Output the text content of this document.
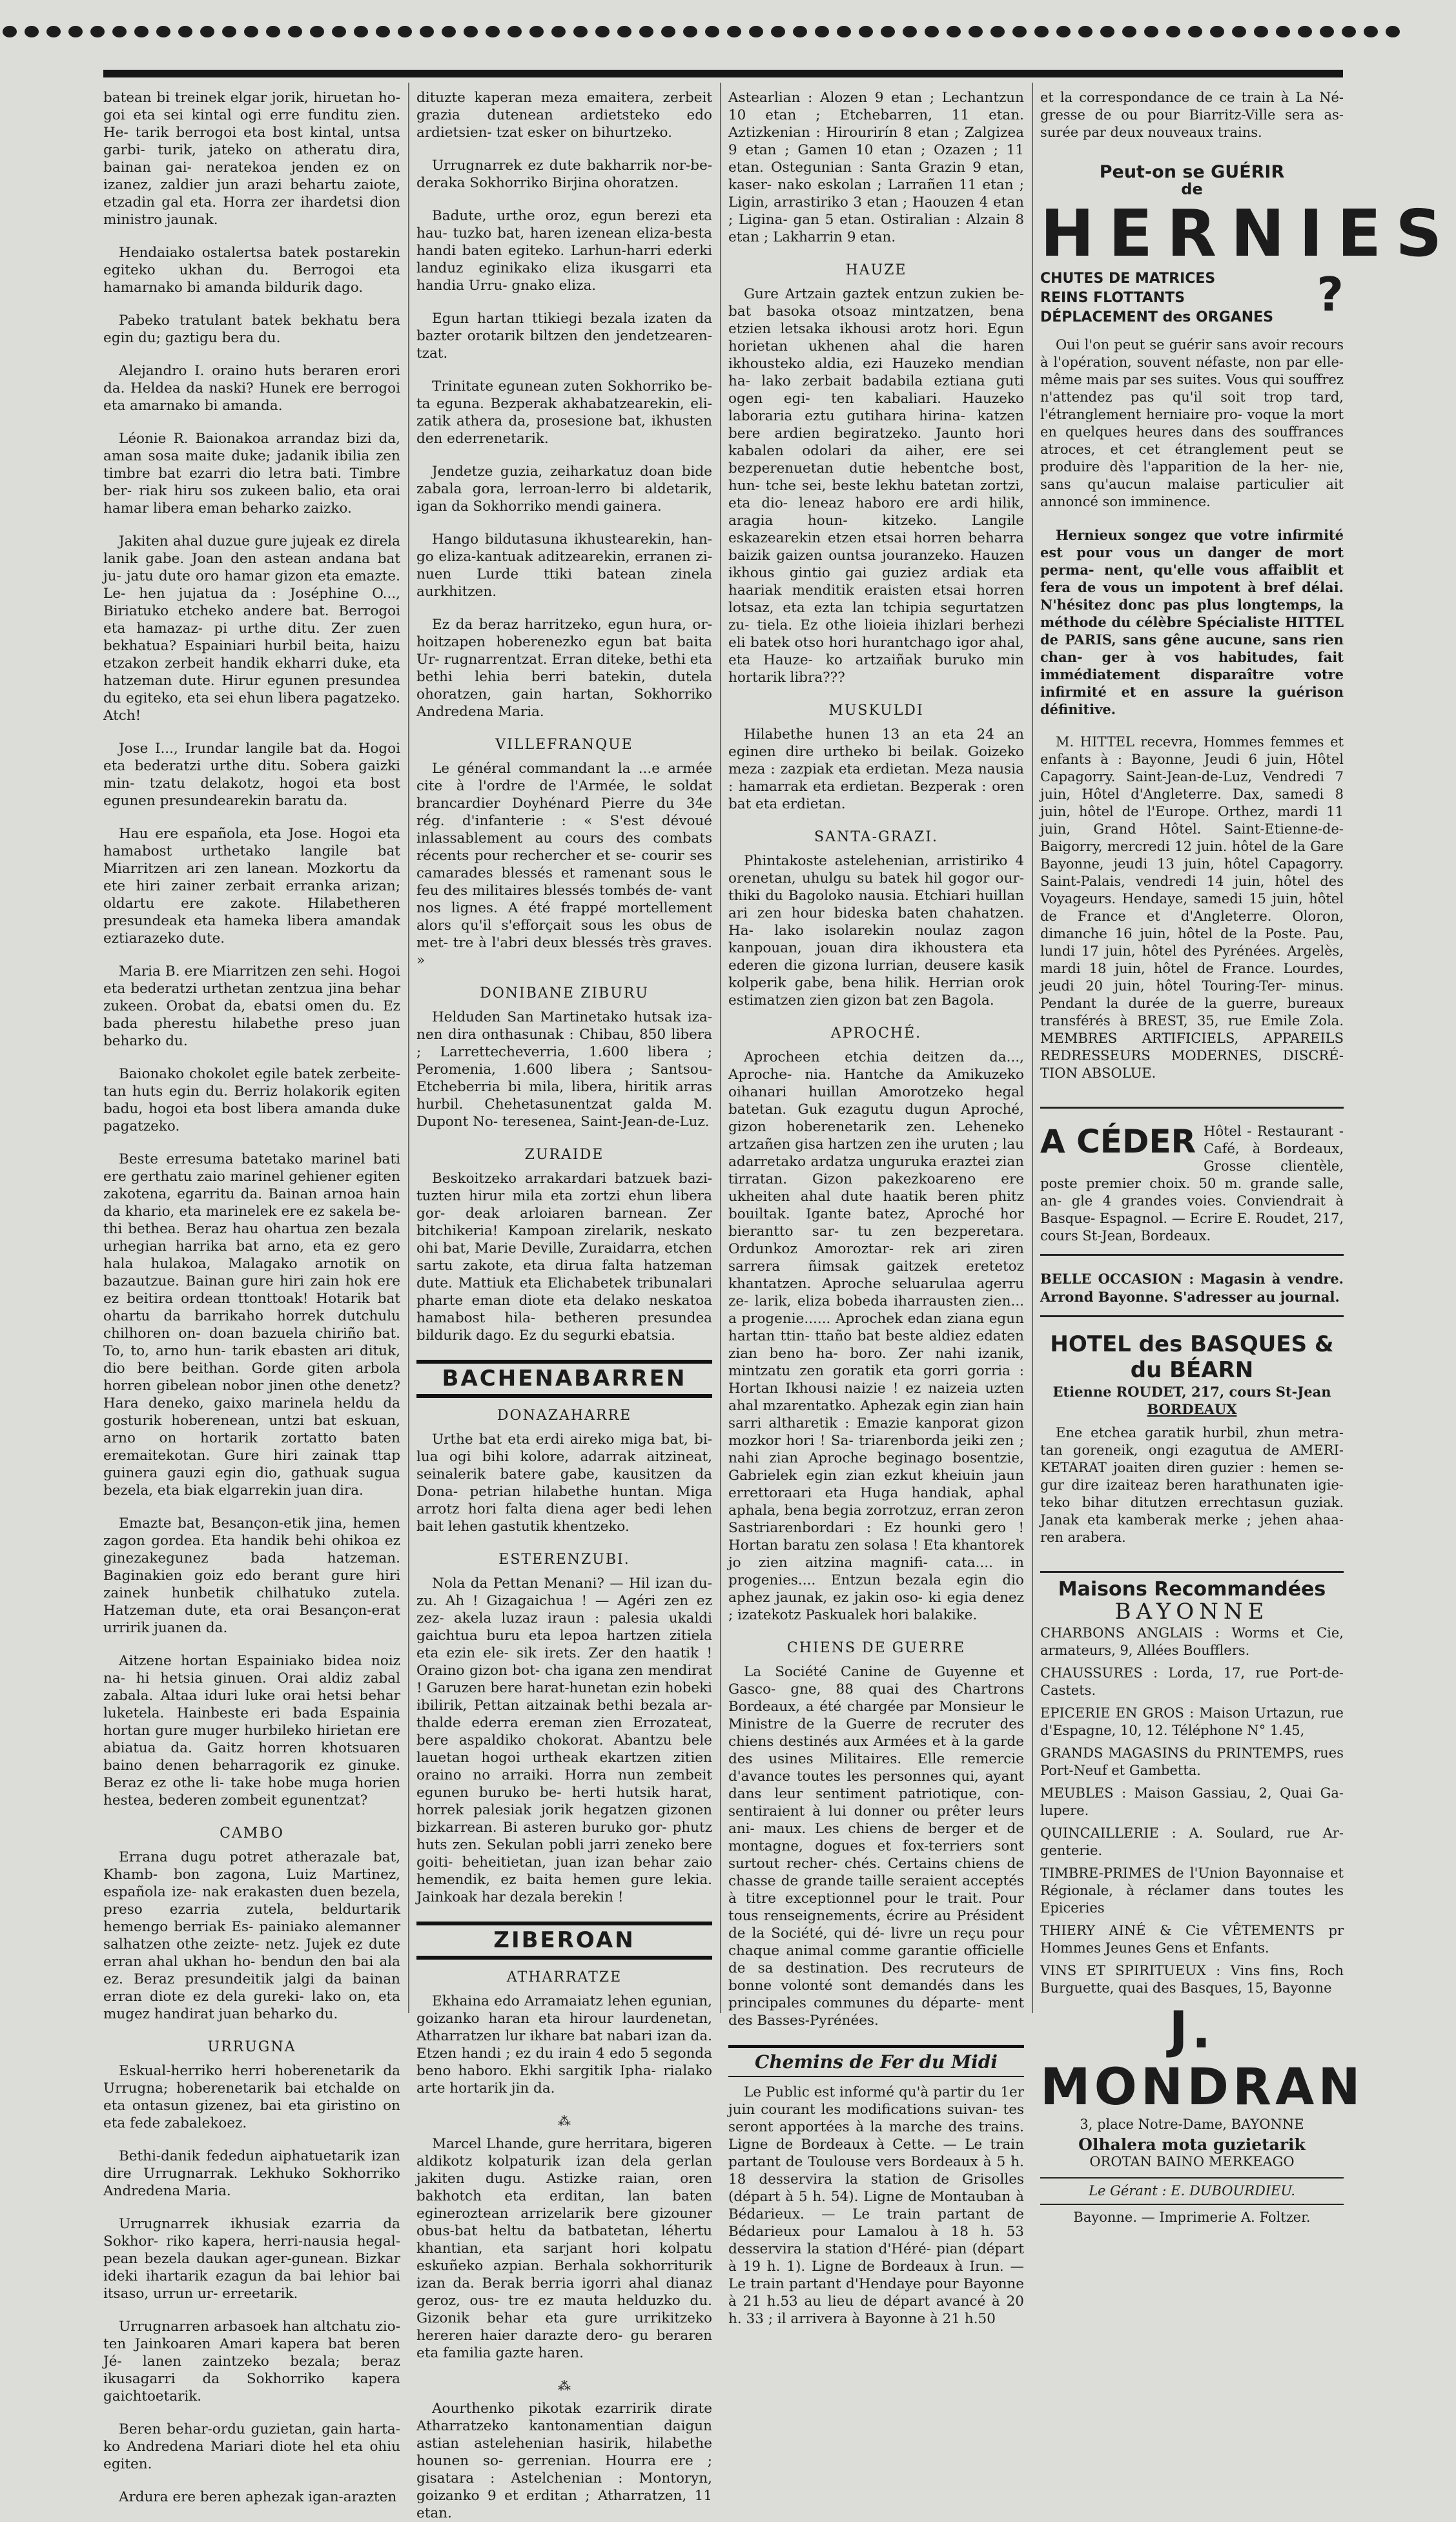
batean bi treinek elgar jorik, hiruetan ho- goi eta sei kintal ogi erre funditu zien. He- tarik berrogoi eta bost kintal, untsa garbi- turik, jateko on atheratu dira, bainan gai- neratekoa jenden ez on izanez, zaldier jun arazi behartu zaiote, etzadin gal eta. Horra zer ihardetsi dion ministro jaunak.

Hendaiako ostalertsa batek postarekin egiteko ukhan du. Berrogoi eta hamarnako bi amanda bildurik dago.

Pabeko tratulant batek bekhatu bera egin du; gaztigu bera du.

Alejandro I. oraino huts beraren erori da. Heldea da naski? Hunek ere berrogoi eta amarnako bi amanda.

Léonie R. Baionakoa arrandaz bizi da, aman sosa maite duke; jadanik ibilia zen timbre bat ezarri dio letra bati. Timbre ber- riak hiru sos zukeen balio, eta orai hamar libera eman beharko zaizko.

Jakiten ahal duzue gure jujeak ez direla lanik gabe. Joan den astean andana bat ju- jatu dute oro hamar gizon eta emazte. Le- hen jujatua da : Joséphine O..., Biriatuko etcheko andere bat. Berrogoi eta hamazaz- pi urthe ditu. Zer zuen bekhatua? Espainiari hurbil beita, haizu etzakon zerbeit handik ekharri duke, eta hatzeman dute. Hirur egunen presundea du egiteko, eta sei ehun libera pagatzeko. Atch!

Jose I..., Irundar langile bat da. Hogoi eta bederatzi urthe ditu. Sobera gaizki min- tzatu delakotz, hogoi eta bost egunen presundearekin baratu da.

Hau ere española, eta Jose. Hogoi eta hamabost urthetako langile bat Miarritzen ari zen lanean. Mozkortu da ete hiri zainer zerbait erranka arizan; oldartu ere zakote. Hilabetheren presundeak eta hameka libera amandak eztiarazeko dute.

Maria B. ere Miarritzen zen sehi. Hogoi eta bederatzi urthetan zentzua jina behar zukeen. Orobat da, ebatsi omen du. Ez bada pherestu hilabethe preso juan beharko du.

Baionako chokolet egile batek zerbeite- tan huts egin du. Berriz holakorik egiten badu, hogoi eta bost libera amanda duke pagatzeko.

Beste erresuma batetako marinel bati ere gerthatu zaio marinel gehiener egiten zakotena, egarritu da. Bainan arnoa hain da khario, eta marinelek ere ez sakela be- thi bethea. Beraz hau ohartua zen bezala urhegian harrika bat arno, eta ez gero hala hulakoa, Malagako arnotik on bazautzue. Bainan gure hiri zain hok ere ez beitira ordean ttonttoak! Hotarik bat ohartu da barrikaho horrek dutchulu chilhoren on- doan bazuela chiriño bat. To, to, arno hun- tarik ebasten ari dituk, dio bere beithan. Gorde giten arbola horren gibelean nobor jinen othe denetz? Hara deneko, gaixo marinela heldu da gosturik hoberenean, untzi bat eskuan, arno on hortarik zortatto baten eremaitekotan. Gure hiri zainak ttap guinera gauzi egin dio, gathuak sugua bezela, eta biak elgarrekin juan dira.

Emazte bat, Besançon-etik jina, hemen zagon gordea. Eta handik behi ohikoa ez ginezakegunez bada hatzeman. Baginakien goiz edo berant gure hiri zainek hunbetik chilhatuko zutela. Hatzeman dute, eta orai Besançon-erat urririk juanen da.

Aitzene hortan Espainiako bidea noiz na- hi hetsia ginuen. Orai aldiz zabal zabala. Altaa iduri luke orai hetsi behar luketela. Hainbeste eri bada Espainia hortan gure muger hurbileko hirietan ere abiatua da. Gaitz horren khotsuaren baino denen beharragorik ez ginuke. Beraz ez othe li- take hobe muga horien hestea, bederen zombeit egunentzat?

CAMBO

Errana dugu potret atherazale bat, Khamb- bon zagona, Luiz Martinez, española ize- nak erakasten duen bezela, preso ezarria zutela, beldurtarik hemengo berriak Es- painiako alemanner salhatzen othe zeizte- netz. Jujek ez dute erran ahal ukhan ho- bendun den bai ala ez. Beraz presundeitik jalgi da bainan erran diote ez dela gureki- lako on, eta mugez handirat juan beharko du.

URRUGNA

Eskual-herriko herri hoberenetarik da Urrugna; hoberenetarik bai etchalde on eta ontasun gizenez, bai eta giristino on eta fede zabalekoez.

Bethi-danik fededun aiphatuetarik izan dire Urrugnarrak. Lekhuko Sokhorriko Andredena Maria.

Urrugnarrek ikhusiak ezarria da Sokhor- riko kapera, herri-nausia hegal-pean bezela daukan ager-gunean. Bizkar ideki ihartarik ezagun da bai lehior bai itsaso, urrun ur- erreetarik.

Urrugnarren arbasoek han altchatu zio- ten Jainkoaren Amari kapera bat beren Jé- lanen zaintzeko bezala; beraz ikusagarri da Sokhorriko kapera gaichtoetarik.

Beren behar-ordu guzietan, gain harta- ko Andredena Mariari diote hel eta ohiu egiten.

Ardura ere beren aphezak igan-arazten

dituzte kaperan meza emaitera, zerbeit grazia dutenean ardietsteko edo ardietsien- tzat esker on bihurtzeko.

Urrugnarrek ez dute bakharrik nor-be- deraka Sokhorriko Birjina ohoratzen.

Badute, urthe oroz, egun berezi eta hau- tuzko bat, haren izenean eliza-besta handi baten egiteko. Larhun-harri ederki landuz eginikako eliza ikusgarri eta handia Urru- gnako eliza.

Egun hartan ttikiegi bezala izaten da bazter orotarik biltzen den jendetzearen- tzat.

Trinitate egunean zuten Sokhorriko be- ta eguna. Bezperak akhabatzearekin, eli- zatik athera da, prosesione bat, ikhusten den ederrenetarik.

Jendetze guzia, zeiharkatuz doan bide zabala gora, lerroan-lerro bi aldetarik, igan da Sokhorriko mendi gainera.

Hango bildutasuna ikhustearekin, han- go eliza-kantuak aditzearekin, erranen zi- nuen Lurde ttiki batean zinela aurkhitzen.

Ez da beraz harritzeko, egun hura, or- hoitzapen hoberenezko egun bat baita Ur- rugnarrentzat. Erran diteke, bethi eta bethi lehia berri batekin, dutela ohoratzen, gain hartan, Sokhorriko Andredena Maria.

VILLEFRANQUE

Le général commandant la ...e armée cite à l'ordre de l'Armée, le soldat brancardier Doyhénard Pierre du 34e rég. d'infanterie : « S'est dévoué inlassablement au cours des combats récents pour rechercher et se- courir ses camarades blessés et ramenant sous le feu des militaires blessés tombés de- vant nos lignes. A été frappé mortellement alors qu'il s'efforçait sous les obus de met- tre à l'abri deux blessés très graves. »

DONIBANE ZIBURU

Helduden San Martinetako hutsak iza- nen dira onthasunak : Chibau, 850 libera ; Larrettecheverria, 1.600 libera ; Peromenia, 1.600 libera ; Santsou-Etcheberria bi mila, libera, hiritik arras hurbil. Chehetasunentzat galda M. Dupont No- teresenea, Saint-Jean-de-Luz.

ZURAIDE

Beskoitzeko arrakardari batzuek bazi- tuzten hirur mila eta zortzi ehun libera gor- deak arloiaren barnean. Zer bitchikeria! Kampoan zirelarik, neskato ohi bat, Marie Deville, Zuraidarra, etchen sartu zakote, eta dirua falta hatzeman dute. Mattiuk eta Elichabetek tribunalari pharte eman diote eta delako neskatoa hamabost hila- betheren presundea bildurik dago. Ez du segurki ebatsia.

BACHENABARREN
DONAZAHARRE

Urthe bat eta erdi aireko miga bat, bi- lua ogi bihi kolore, adarrak aitzineat, seinalerik batere gabe, kausitzen da Dona- petrian hilabethe huntan. Miga arrotz hori falta diena ager bedi lehen bait lehen gastutik khentzeko.

ESTERENZUBI.

Nola da Pettan Menani? — Hil izan du- zu. Ah ! Gizagaichua ! — Agéri zen ez zez- akela luzaz iraun : palesia ukaldi gaichtua buru eta lepoa hartzen zitiela eta ezin ele- sik irets. Zer den haatik ! Oraino gizon bot- cha igana zen mendirat ! Garuzen bere harat-hunetan ezin hobeki ibilirik, Pettan aitzainak bethi bezala ar- thalde ederra ereman zien Errozateat, bere aspaldiko chokorat. Abantzu bele lauetan hogoi urtheak ekartzen zitien oraino no arraiki. Horra nun zembeit egunen buruko be- herti hutsik harat, horrek palesiak jorik hegatzen gizonen bizkarrean. Bi asteren buruko gor- phutz huts zen. Sekulan pobli jarri zeneko bere goiti- beheitietan, juan izan behar zaio hemendik, ez baita hemen gure lekia. Jainkoak har dezala berekin !

ZIBEROAN
ATHARRATZE

Ekhaina edo Arramaiatz lehen egunian, goizanko haran eta hirour laurdenetan, Atharratzen lur ikhare bat nabari izan da. Etzen handi ; ez du irain 4 edo 5 segonda beno haboro. Ekhi sargitik Ipha- rialako arte hortarik jin da.

⁂

Marcel Lhande, gure herritara, bigeren aldikotz kolpaturik izan dela gerlan jakiten dugu. Astizke raian, oren bakhotch eta erditan, lan baten egineroztean arrizelarik bere gizouner obus-bat heltu da batbatetan, léhertu khantian, eta sarjant hori kolpatu eskuñeko azpian. Berhala sokhorriturik izan da. Berak berria igorri ahal dianaz geroz, ous- tre ez mauta helduzko du. Gizonik behar eta gure urrikitzeko hereren haier darazte dero- gu beraren eta familia gazte haren.

⁂

Aourthenko pikotak ezarririk dirate Atharratzeko kantonamentian daigun astian astelehenian hasirik, hilabethe hounen so- gerrenian. Hourra ere ; gisatara : Astelchenian : Montoryn, goizanko 9 et erditan ; Atharratzen, 11 etan.

Astearlian : Alozen 9 etan ; Lechantzun 10 etan ; Etchebarren, 11 etan. Aztizkenian : Hirourirín 8 etan ; Zalgizea 9 etan ; Gamen 10 etan ; Ozazen ; 11 etan. Ostegunian : Santa Grazin 9 etan, kaser- nako eskolan ; Larrañen 11 etan ; Ligin, arrastiriko 3 etan ; Haouzen 4 etan ; Ligina- gan 5 etan. Ostiralian : Alzain 8 etan ; Lakharrin 9 etan.

HAUZE

Gure Artzain gaztek entzun zukien be- bat basoka otsoaz mintzatzen, bena etzien letsaka ikhousi arotz hori. Egun horietan ukhenen ahal die haren ikhousteko aldia, ezi Hauzeko mendian ha- lako zerbait badabila eztiana guti ogen egi- ten kabaliari. Hauzeko laboraria eztu gutihara hirina- katzen bere ardien begiratzeko. Jaunto hori kabalen odolari da aiher, ere sei bezperenuetan dutie hebentche bost, hun- tche sei, beste lekhu batetan zortzi, eta dio- leneaz haboro ere ardi hilik, aragia houn- kitzeko. Langile eskazearekin etzen etsai horren beharra baizik gaizen ountsa jouranzeko. Hauzen ikhous gintio gai guziez ardiak eta haariak menditik eraisten etsai horren lotsaz, eta ezta lan tchipia segurtatzen zu- tiela. Ez othe lioieia ihizlari berhezi eli batek otso hori hurantchago igor ahal, eta Hauze- ko artzaiñak buruko min hortarik libra???

MUSKULDI

Hilabethe hunen 13 an eta 24 an eginen dire urtheko bi beilak. Goizeko meza : zazpiak eta erdietan. Meza nausia : hamarrak eta erdietan. Bezperak : oren bat eta erdietan.

SANTA-GRAZI.

Phintakoste astelehenian, arristiriko 4 orenetan, uhulgu su batek hil gogor our- thiki du Bagoloko nausia. Etchiari huillan ari zen hour bideska baten chahatzen. Ha- lako isolarekin noulaz zagon kanpouan, jouan dira ikhoustera eta ederen die gizona lurrian, deusere kasik kolperik gabe, bena hilik. Herrian orok estimatzen zien gizon bat zen Bagola.

APROCHÉ.

Aprocheen etchia deitzen da..., Aproche- nia. Hantche da Amikuzeko oihanari huillan Amorotzeko hegal batetan. Guk ezagutu dugun Aproché, gizon hoberenetarik zen. Leheneko artzañen gisa hartzen zen ihe uruten ; lau adarretako ardatza unguruka eraztei zian tirratan. Gizon pakezkoareno ere ukheiten ahal dute haatik beren phitz bouiltak. Igante batez, Aproché hor bierantto sar- tu zen bezperetara. Ordunkoz Amoroztar- rek ari ziren sarrera ñimsak gaitzek eretetoz khantatzen. Aproche seluarulaa agerru ze- larik, eliza bobeda iharrausten zien... a progenie...... Aprochek edan ziana egun hartan ttin- ttaño bat beste aldiez edaten zian beno ha- boro. Zer nahi izanik, mintzatu zen goratik eta gorri gorria : Hortan Ikhousi naizie ! ez naizeia uzten ahal mzarentatko. Aphezak egin zian hain sarri altharetik : Emazie kanporat gizon mozkor hori ! Sa- triarenborda jeiki zen ; nahi zian Aproche beginago bosentzie, Gabrielek egin zian ezkut kheiuin jaun errettoraari eta Huga handiak, aphal aphala, bena begia zorrotzuz, erran zeron Sastriarenbordari : Ez hounki gero ! Hortan baratu zen solasa ! Eta khantorek jo zien aitzina magnifi- cata.... in progenies.... Entzun bezala egin dio aphez jaunak, ez jakin oso- ki egia denez ; izatekotz Paskualek hori balakike.

CHIENS DE GUERRE

La Société Canine de Guyenne et Gasco- gne, 88 quai des Chartrons Bordeaux, a été chargée par Monsieur le Ministre de la Guerre de recruter des chiens destinés aux Armées et à la garde des usines Militaires. Elle remercie d'avance toutes les personnes qui, ayant dans leur sentiment patriotique, con- sentiraient à lui donner ou prêter leurs ani- maux. Les chiens de berger et de montagne, dogues et fox-terriers sont surtout recher- chés. Certains chiens de chasse de grande taille seraient acceptés à titre exceptionnel pour le trait. Pour tous renseignements, écrire au Président de la Société, qui dé- livre un reçu pour chaque animal comme garantie officielle de sa destination. Des recruteurs de bonne volonté sont demandés dans les principales communes du départe- ment des Basses-Pyrénées.

Chemins de Fer du Midi

Le Public est informé qu'à partir du 1er juin courant les modifications suivan- tes seront apportées à la marche des trains. Ligne de Bordeaux à Cette. — Le train partant de Toulouse vers Bordeaux à 5 h. 18 desservira la station de Grisolles (départ à 5 h. 54). Ligne de Montauban à Bédarieux. — Le train partant de Bédarieux pour Lamalou à 18 h. 53 desservira la station d'Héré- pian (départ à 19 h. 1). Ligne de Bordeaux à Irun. — Le train partant d'Hendaye pour Bayonne à 21 h.53 au lieu de départ avancé à 20 h. 33 ; il arrivera à Bayonne à 21 h.50

et la correspondance de ce train à La Né- gresse de ou pour Biarritz-Ville sera as- surée par deux nouveaux trains.

Peut-on se GUÉRIR
de
HERNIES
?
CHUTES DE MATRICES
REINS FLOTTANTS
DÉPLACEMENT des ORGANES

Oui l'on peut se guérir sans avoir recours à l'opération, souvent néfaste, non par elle- même mais par ses suites. Vous qui souffrez n'attendez pas qu'il soit trop tard, l'étranglement herniaire pro- voque la mort en quelques heures dans des souffrances atroces, et cet étranglement peut se produire dès l'apparition de la her- nie, sans qu'aucun malaise particulier ait annoncé son imminence.

Hernieux songez que votre infirmité est pour vous un danger de mort perma- nent, qu'elle vous affaiblit et fera de vous un impotent à bref délai. N'hésitez donc pas plus longtemps, la méthode du célèbre Spécialiste HITTEL de PARIS, sans gêne aucune, sans rien chan- ger à vos habitudes, fait immédiatement disparaître votre infirmité et en assure la guérison définitive.

M. HITTEL recevra, Hommes femmes et enfants à : Bayonne, Jeudi 6 juin, Hôtel Capagorry. Saint-Jean-de-Luz, Vendredi 7 juin, Hôtel d'Angleterre. Dax, samedi 8 juin, hôtel de l'Europe. Orthez, mardi 11 juin, Grand Hôtel. Saint-Etienne-de-Baigorry, mercredi 12 juin. hôtel de la Gare Bayonne, jeudi 13 juin, hôtel Capagorry. Saint-Palais, vendredi 14 juin, hôtel des Voyageurs. Hendaye, samedi 15 juin, hôtel de France et d'Angleterre. Oloron, dimanche 16 juin, hôtel de la Poste. Pau, lundi 17 juin, hôtel des Pyrénées. Argelès, mardi 18 juin, hôtel de France. Lourdes, jeudi 20 juin, hôtel Touring-Ter- minus. Pendant la durée de la guerre, bureaux transférés à BREST, 35, rue Emile Zola. MEMBRES ARTIFICIELS, APPAREILS REDRESSEURS MODERNES, DISCRÉ- TION ABSOLUE.

A CÉDER Hôtel - Restaurant - Café, à Bordeaux, Grosse clientèle, poste premier choix. 50 m. grande salle, an- gle 4 grandes voies. Conviendrait à Basque- Espagnol. — Ecrire E. Roudet, 217, cours St-Jean, Bordeaux.
BELLE OCCASION : Magasin à vendre. Arrond Bayonne. S'adresser au journal.
HOTEL des BASQUES & du BÉARN
Etienne ROUDET, 217, cours St-Jean
BORDEAUX

Ene etchea garatik hurbil, zhun metra- tan goreneik, ongi ezagutua de AMERI- KETARAT joaiten diren guzier : hemen se- gur dire izaiteaz beren harathunaten igie- teko bihar ditutzen errechtasun guziak. Janak eta kamberak merke ; jehen ahaa- ren arabera.

Maisons Recommandées
BAYONNE

CHARBONS ANGLAIS : Worms et Cie, armateurs, 9, Allées Boufflers.

CHAUSSURES : Lorda, 17, rue Port-de- Castets.

EPICERIE EN GROS : Maison Urtazun, rue d'Espagne, 10, 12. Téléphone N° 1.45,

GRANDS MAGASINS du PRINTEMPS, rues Port-Neuf et Gambetta.

MEUBLES : Maison Gassiau, 2, Quai Ga- lupere.

QUINCAILLERIE : A. Soulard, rue Ar- genterie.

TIMBRE-PRIMES de l'Union Bayonnaise et Régionale, à réclamer dans toutes les Epiceries

THIERY AINÉ & Cie VÊTEMENTS pr Hommes Jeunes Gens et Enfants.

VINS ET SPIRITUEUX : Vins fins, Roch Burguette, quai des Basques, 15, Bayonne

J. MONDRAN
3, place Notre-Dame, BAYONNE
Olhalera mota guzietarik
OROTAN BAINO MERKEAGO
Le Gérant : E. DUBOURDIEU.
Bayonne. — Imprimerie A. Foltzer.
